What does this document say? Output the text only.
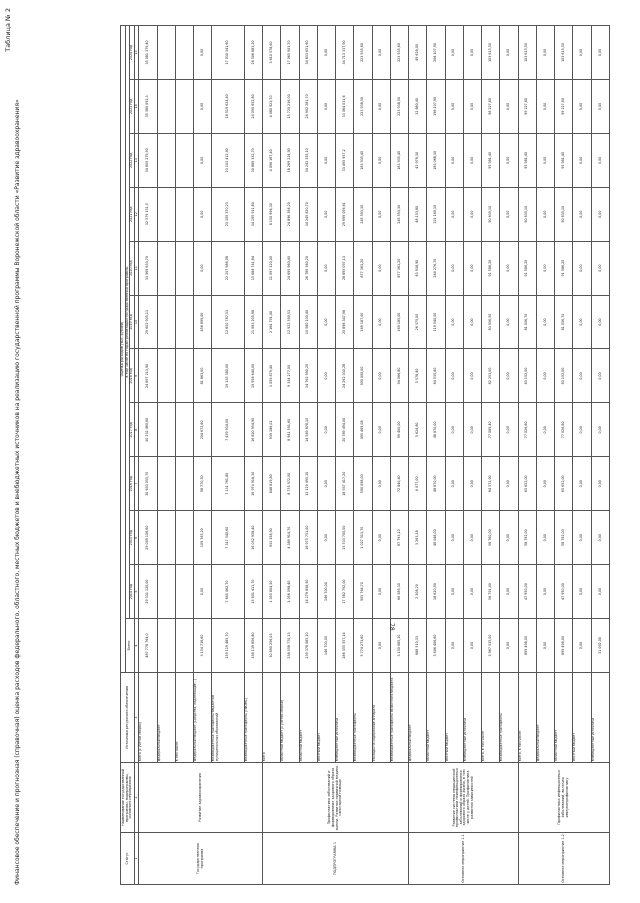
Таблица № 2
Финансовое обеспечение и прогнозная (справочная) оценка расходов федерального, областного, местных бюджетов и внебюджетных источников на реализацию государственной программы Воронежской области «Развитие здравоохранения»	Статус	Наименование государственной программы, подпрограммы, основного мероприятия	Источники ресурсного обеспечения	Оценка расходов (тыс. рублей)											
			Всего	в том числе по годам реализации государственной программы										
				2014 год	2015 год	2016 год	2017 год	2018 год	2019 год	2020 год	2021 год	2022 год	2023 год	2024 год
1	2	3	4	5	6	7	8	9	10	11	12	13	14	15
Государственная программа	Развитие здравоохранения	всего (с учетом сборки)	487 778 764,0	29 331 120,00	29 049 106,60	30 630 055,70	30 232 460,60	24 897 213,90	29 602 905,11	33 569 633,70	32 579 151,5	34 805 279,50	35 380 092,3	35 081 379,40
		федеральный бюджет												
		в том числе:												
		Федеральный бюджет (Средства, подлежащие...)	3 154 716,60	0,00	109 765,20	98 770,50	204 672,60	81 863,00	456 899,00	0,00	0,00	0,00	0,00	0,00
		Межбюджетные трансферты бюджетам муниципальных образований	159 119 485,70	7 645 462,70	7 317 540,60	7 131 761,80	7 439 934,00	19 135 380,00	12 650 787,53	22 257 986,08	23 105 370,23	23 103 412,40	18 519 624,40	17 030 341,60
		Межбюджетные трансферты (ТФОМС)	338 139 856,80	15 601 411,70	16 052 958,40	16 974 918,30	16 820 954,90	19 958 644,00	21 083 205,98	15 684 741,84	34 195 911,80	30 889 332,70	24 090 652,80	28 506 883,20
ПОДПРОГРАММА 1	Профилактика заболеваний и формирование здорового образа жизни. Развитие первичной медико-санитарной помощи	всего	30 890 256,03	1 055 804,50	933 358,90	848 819,80	939 186,01	1 059 879,40	2 164 791,40	11 097 120,00	8 150 996,30	4 096 167,40	4 080 923,70	3 610 578,60
		областной бюджет (с учетом сборки)	238 558 770,13	1 056 098,40	4 389 914,70	8 755 972,00	8 941 591,60	9 334 277,00	12 922 590,53	24 695 960,40	24 896 394,20	18 269 224,90	15 720 236,00	17 065 903,70
		областной бюджет	239 378 085,10	14 279 858,50	16 975 751,00	12 129 495,10	14 549 878,10	14 762 990,20	10 580 100,40	26 789 360,20	34 245 820,70	34 243 355,10	24 902 281,70	34 833 651,60
		местный бюджет	146 700,00	146 700,00	0,00	0,00	0,00	0,00	0,00	0,00	0,00	0,00	0,00	0,00
		внебюджетные источники	286 355 557,14	17 582 792,00	15 533 700,00	18 937 417,20	20 789 494,00	24 262 030,28	20 898 347,98	28 895 097,13	29 699 056,61	33 495 957,2	33 064 031,6	34 713 337,90
		Межбюджетные трансферты	5 774 273,60	905 764,70	1 027 513,70	590 098,00	495 469,08	900 000,00	169 187,00	877 363,20	245 593,30	183 935,40	223 938,50	223 935,60
		Расходы на содержание аппарата	0,00	0,00	0,00	0,00	0,00	0,00	0,00	0,00	0,00	0,00	0,00	0,00
		Межбюджетные трансферты областного бюджета	3 150 685,30	66 589,30	67 793,10	72 840,40	99 400,00	94 066,80	169 185,00	877 363,20	245 593,30	183 935,40	223 938,50	223 935,60
Основное мероприятие 1.1	Развитие системы медицинской профилактики неинфекционных заболеваний и формирования здорового образа жизни, в том числе у детей. Профилактика развития зависимостей	федеральный бюджет	688 510,33	2 308,20	3 263,18	6 077,00	5 624,80	5 578,40	26 375,00	63 938,90	48 153,80	42 978,30	32 880,40	49 628,00
		областной бюджет	3 606 406,60	18 620,90	48 048,00	48 870,00	48 870,00	64 535,80	119 540,00	244 276,70	221 160,10	183 068,30	198 107,90	208 107,90
		местный бюджет	0,00	0,00	0,00	0,00	0,00	0,00	0,00	0,00	0,00	0,00	0,00	0,00
		внебюджетные источники	0,00	0,00	0,00	0,00	0,00	0,00	0,00	0,00	0,00	0,00	0,00	0,00
		всего, в том числе	3 967 535,00	56 791,40	58 760,00	64 571,90	77 089,40	82 253,00	83 936,50	91 586,20	90 635,10	95 981,40	98 227,60	103 615,50
		Межбюджетные трансферты	0,00	0,00	0,00	0,00	0,00	0,00	0,00	0,00	0,00	0,00	0,00	0,00
Основное мероприятие 1.2	Профилактика инфекционных заболеваний, включая иммунопрофилактику	всего, в том числе:	899 498,00	47 950,00	58 792,00	65 652,00	77 026,80	83 152,00	81 036,70	91 586,20	90 635,10	95 981,40	99 227,60	103 615,50
		федеральный бюджет	0,00	0,00	0,00	0,00	0,00	0,00	0,00	0,00	0,00	0,00	0,00	0,00
		областной бюджет	899 498,00	47 950,00	58 792,00	65 652,00	77 026,80	83 152,00	81 036,70	91 586,20	90 635,10	95 981,40	99 227,60	103 615,50
		местный бюджет	0,00	0,00	0,00	0,00	0,00	0,00	0,00	0,00	0,00	0,00	0,00	0,00
		внебюджетные источники	31 092,00	0,00	0,00	0,00	0,00	0,00	0,00	0,00	0,00	0,00	0,00	0,00
78
